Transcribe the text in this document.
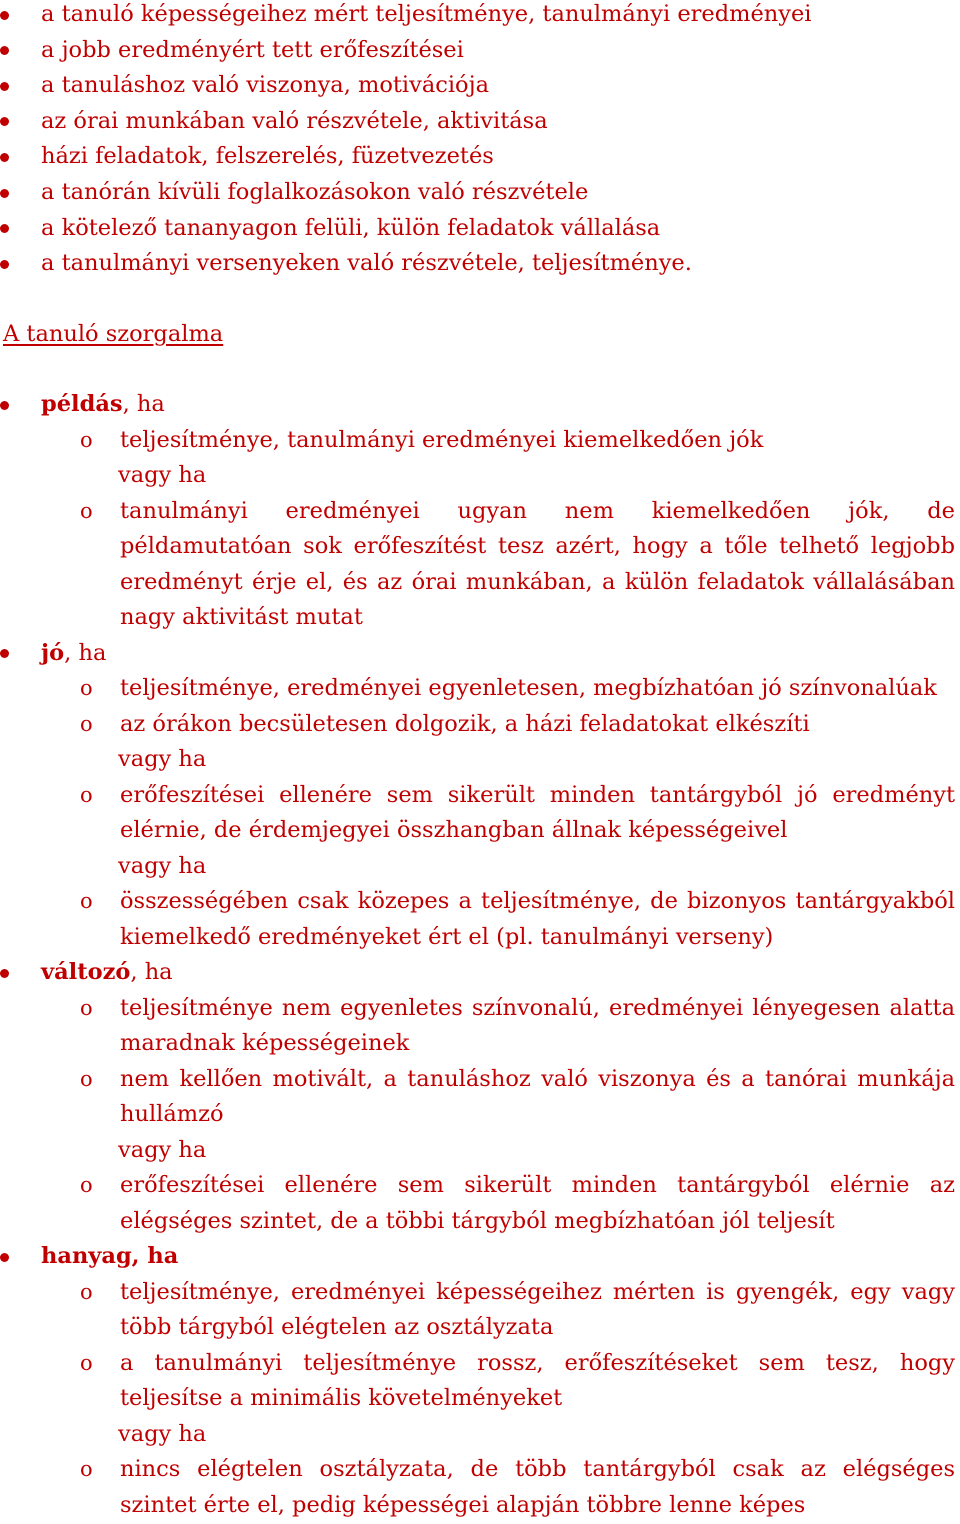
a tanuló képességeihez mért teljesítménye, tanulmányi eredményei
a jobb eredményért tett erőfeszítései
a tanuláshoz való viszonya, motivációja
az órai munkában való részvétele, aktivitása
házi feladatok, felszerelés, füzetvezetés
a tanórán kívüli foglalkozásokon való részvétele
a kötelező tananyagon felüli, külön feladatok vállalása
a tanulmányi versenyeken való részvétele, teljesítménye.
A tanuló szorgalma
példás, ha
o teljesítménye, tanulmányi eredményei kiemelkedően jók
vagy ha
o tanulmányi eredményei ugyan nem kiemelkedően jók, de
példamutatóan sok erőfeszítést tesz azért, hogy a tőle telhető legjobb
eredményt érje el, és az órai munkában, a külön feladatok vállalásában
nagy aktivitást mutat
jó, ha
o teljesítménye, eredményei egyenletesen, megbízhatóan jó színvonalúak
o az órákon becsületesen dolgozik, a házi feladatokat elkészíti
vagy ha
o erőfeszítései ellenére sem sikerült minden tantárgyból jó eredményt
elérnie, de érdemjegyei összhangban állnak képességeivel
vagy ha
o összességében csak közepes a teljesítménye, de bizonyos tantárgyakból
kiemelkedő eredményeket ért el (pl. tanulmányi verseny)
változó, ha
o teljesítménye nem egyenletes színvonalú, eredményei lényegesen alatta
maradnak képességeinek
o nem kellően motivált, a tanuláshoz való viszonya és a tanórai munkája
hullámzó
vagy ha
o erőfeszítései ellenére sem sikerült minden tantárgyból elérnie az
elégséges szintet, de a többi tárgyból megbízhatóan jól teljesít
hanyag, ha
o teljesítménye, eredményei képességeihez mérten is gyengék, egy vagy
több tárgyból elégtelen az osztályzata
o a tanulmányi teljesítménye rossz, erőfeszítéseket sem tesz, hogy
teljesítse a minimális követelményeket
vagy ha
o nincs elégtelen osztályzata, de több tantárgyból csak az elégséges
szintet érte el, pedig képességei alapján többre lenne képes
